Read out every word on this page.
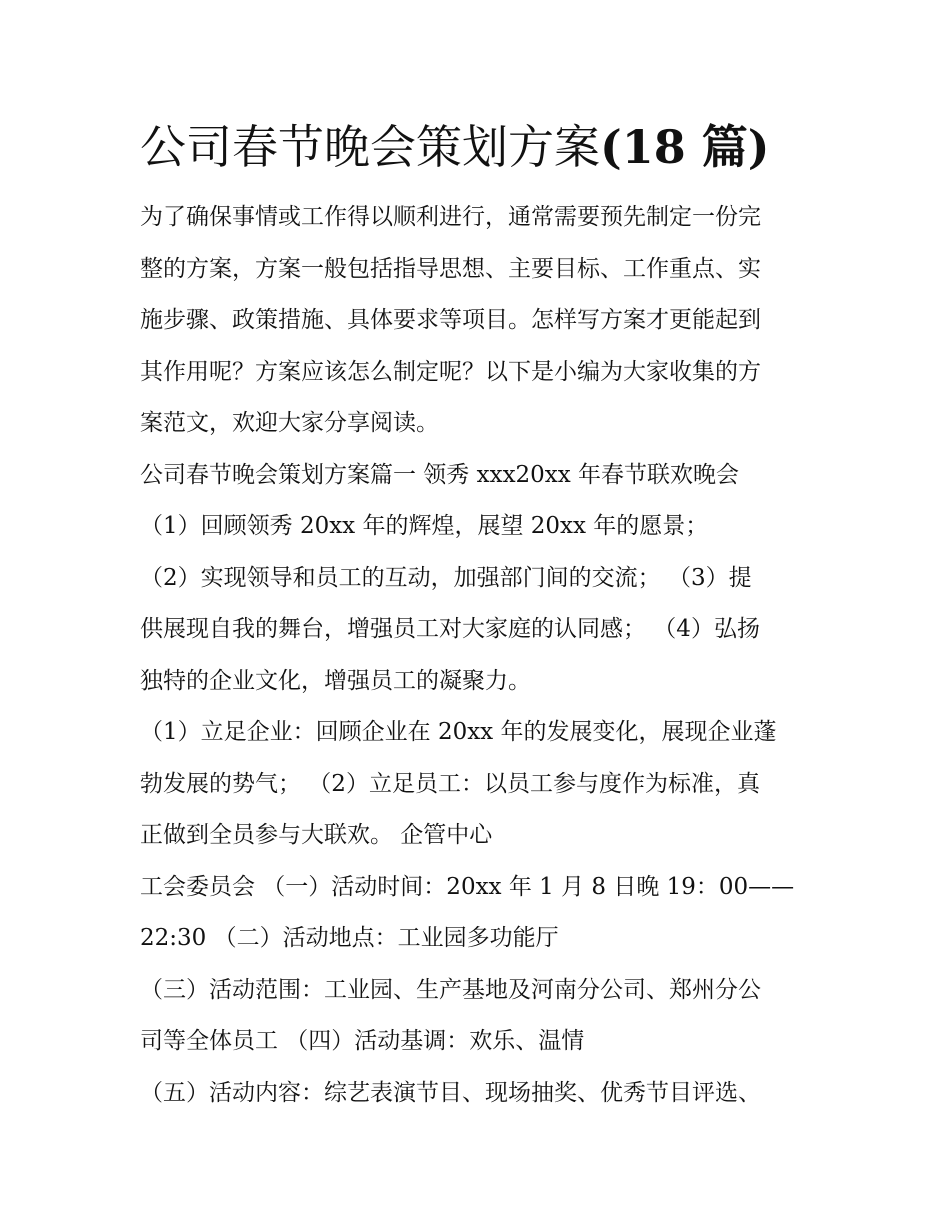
公司春节晚会策划方案(18 篇)
为了确保事情或工作得以顺利进行，通常需要预先制定一份完
整的方案，方案一般包括指导思想、主要目标、工作重点、实
施步骤、政策措施、具体要求等项目。怎样写方案才更能起到
其作用呢？方案应该怎么制定呢？以下是小编为大家收集的方
案范文，欢迎大家分享阅读。
公司春节晚会策划方案篇一 领秀 xxx20xx 年春节联欢晚会
（1）回顾领秀 20xx 年的辉煌，展望 20xx 年的愿景；
（2）实现领导和员工的互动，加强部门间的交流； （3）提
供展现自我的舞台，增强员工对大家庭的认同感； （4）弘扬
独特的企业文化，增强员工的凝聚力。
（1）立足企业：回顾企业在 20xx 年的发展变化，展现企业蓬
勃发展的势气； （2）立足员工：以员工参与度作为标准，真
正做到全员参与大联欢。 企管中心
工会委员会 （一）活动时间：20xx 年 1 月 8 日晚 19：00——
22:30 （二）活动地点：工业园多功能厅
（三）活动范围：工业园、生产基地及河南分公司、郑州分公
司等全体员工 （四）活动基调：欢乐、温情
（五）活动内容：综艺表演节目、现场抽奖、优秀节目评选、
